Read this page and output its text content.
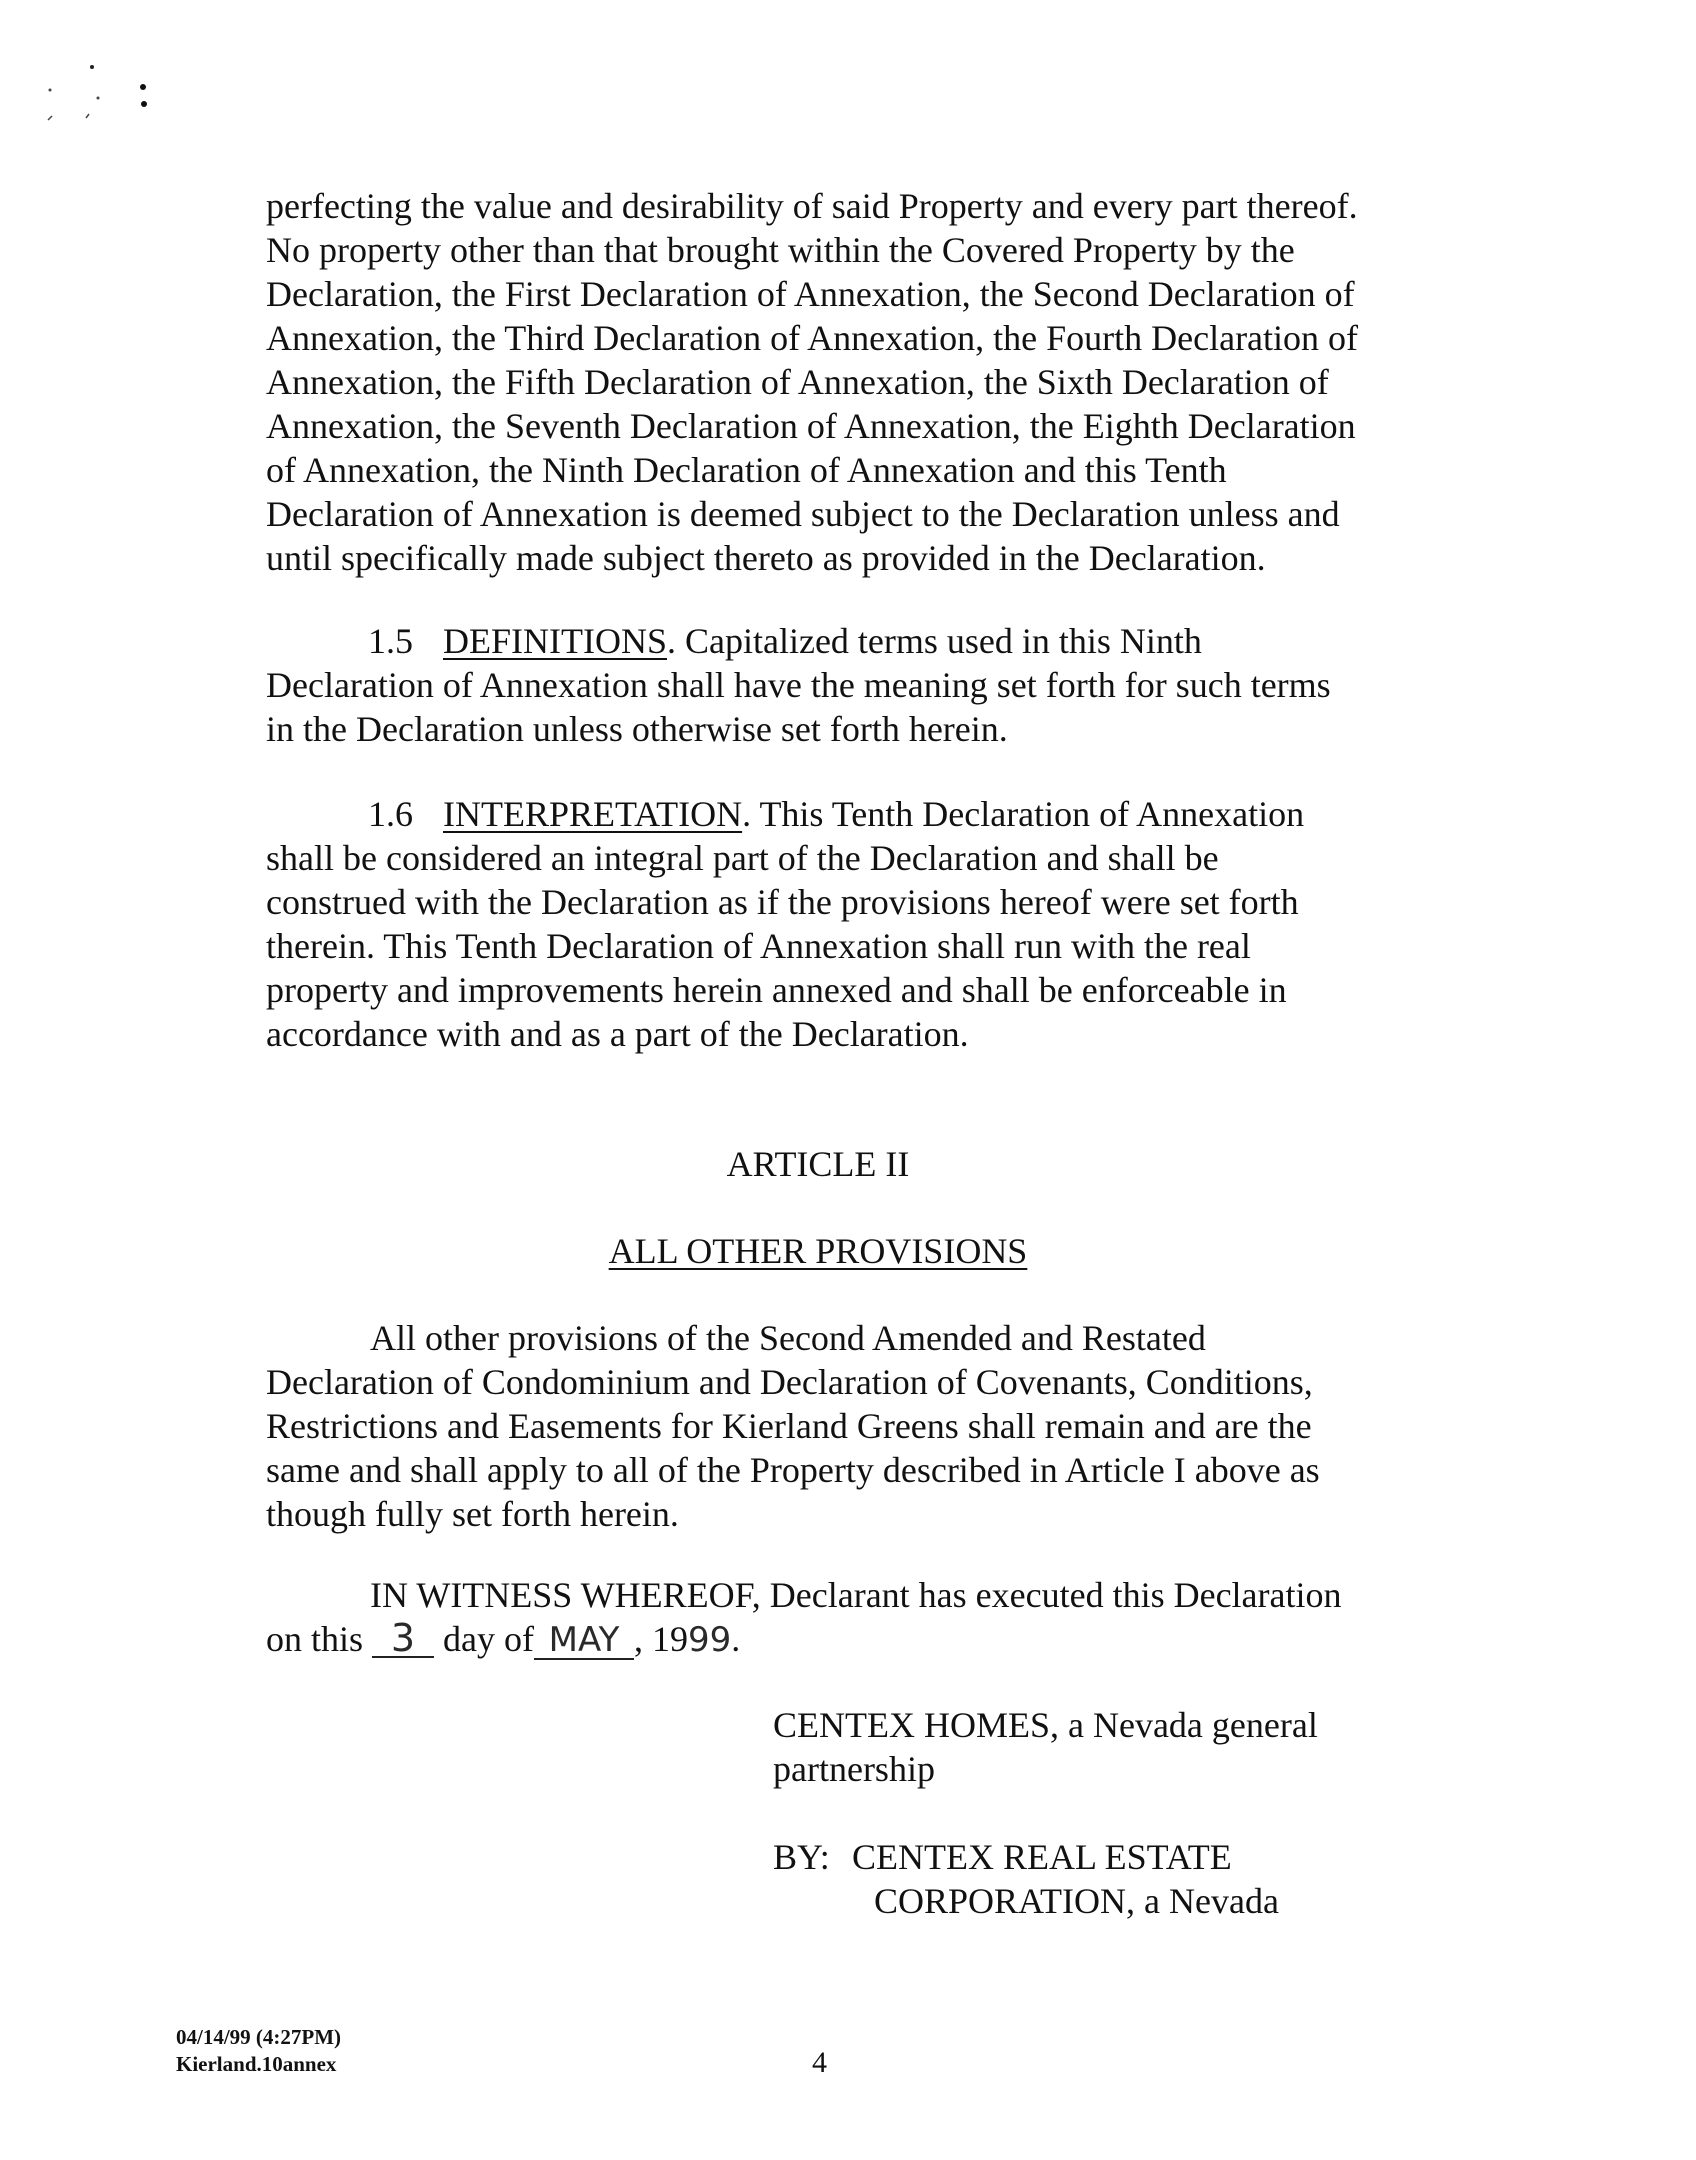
perfecting the value and desirability of said Property and every part thereof.
No property other than that brought within the Covered Property by the
Declaration, the First Declaration of Annexation, the Second Declaration of
Annexation, the Third Declaration of Annexation, the Fourth Declaration of
Annexation, the Fifth Declaration of Annexation, the Sixth Declaration of
Annexation, the Seventh Declaration of Annexation, the Eighth Declaration
of Annexation, the Ninth Declaration of Annexation and this Tenth
Declaration of Annexation is deemed subject to the Declaration unless and
until specifically made subject thereto as provided in the Declaration.
1.5 DEFINITIONS. Capitalized terms used in this Ninth
Declaration of Annexation shall have the meaning set forth for such terms
in the Declaration unless otherwise set forth herein.
1.6 INTERPRETATION. This Tenth Declaration of Annexation
shall be considered an integral part of the Declaration and shall be
construed with the Declaration as if the provisions hereof were set forth
therein. This Tenth Declaration of Annexation shall run with the real
property and improvements herein annexed and shall be enforceable in
accordance with and as a part of the Declaration.
ARTICLE II
ALL OTHER PROVISIONS
All other provisions of the Second Amended and Restated
Declaration of Condominium and Declaration of Covenants, Conditions,
Restrictions and Easements for Kierland Greens shall remain and are the
same and shall apply to all of the Property described in Article I above as
though fully set forth herein.
IN WITNESS WHEREOF, Declarant has executed this Declaration
on this 3 day of MAY , 1999.
CENTEX HOMES, a Nevada general
partnership
BY: CENTEX REAL ESTATE
CORPORATION, a Nevada
04/14/99 (4:27PM)
Kierland.10annex	4
